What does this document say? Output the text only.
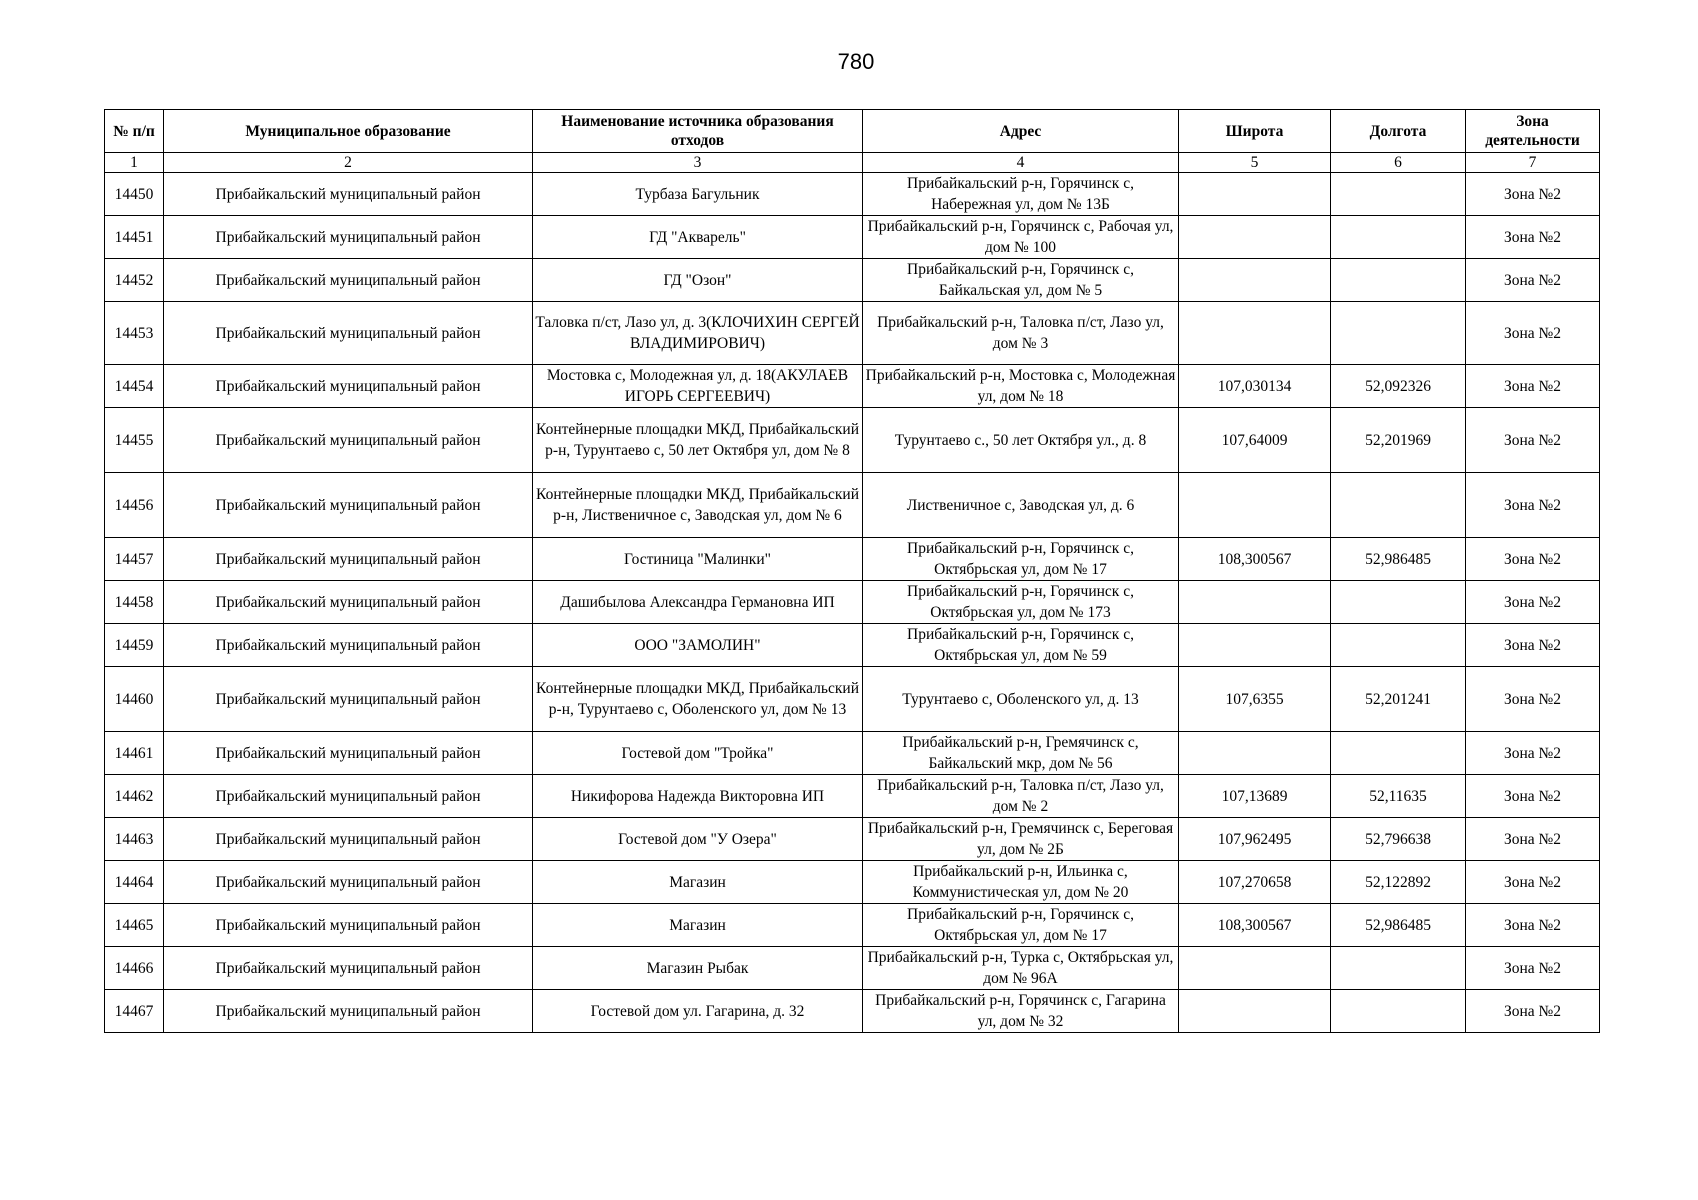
780
№ п/п	Муниципальное образование	Наименование источника образования отходов	Адрес	Широта	Долгота	Зона деятельности
1	2	3	4	5	6	7
14450	Прибайкальский муниципальный район	Турбаза Багульник	Прибайкальский р-н, Горячинск с, Набережная ул, дом № 13Б			Зона №2
14451	Прибайкальский муниципальный район	ГД "Акварель"	Прибайкальский р-н, Горячинск с, Рабочая ул, дом № 100			Зона №2
14452	Прибайкальский муниципальный район	ГД "Озон"	Прибайкальский р-н, Горячинск с, Байкальская ул, дом № 5			Зона №2
14453	Прибайкальский муниципальный район	Таловка п/ст, Лазо ул, д. 3(КЛОЧИХИН СЕРГЕЙ ВЛАДИМИРОВИЧ)	Прибайкальский р-н, Таловка п/ст, Лазо ул, дом № 3			Зона №2
14454	Прибайкальский муниципальный район	Мостовка с, Молодежная ул, д. 18(АКУЛАЕВ ИГОРЬ СЕРГЕЕВИЧ)	Прибайкальский р-н, Мостовка с, Молодежная ул, дом № 18	107,030134	52,092326	Зона №2
14455	Прибайкальский муниципальный район	Контейнерные площадки МКД, Прибайкальский р-н, Турунтаево с, 50 лет Октября ул, дом № 8	Турунтаево с., 50 лет Октября ул., д. 8	107,64009	52,201969	Зона №2
14456	Прибайкальский муниципальный район	Контейнерные площадки МКД, Прибайкальский р-н, Лиственичное с, Заводская ул, дом № 6	Лиственичное с, Заводская ул, д. 6			Зона №2
14457	Прибайкальский муниципальный район	Гостиница "Малинки"	Прибайкальский р-н, Горячинск с, Октябрьская ул, дом № 17	108,300567	52,986485	Зона №2
14458	Прибайкальский муниципальный район	Дашибылова Александра Германовна ИП	Прибайкальский р-н, Горячинск с, Октябрьская ул, дом № 173			Зона №2
14459	Прибайкальский муниципальный район	ООО "ЗАМОЛИН"	Прибайкальский р-н, Горячинск с, Октябрьская ул, дом № 59			Зона №2
14460	Прибайкальский муниципальный район	Контейнерные площадки МКД, Прибайкальский р-н, Турунтаево с, Оболенского ул, дом № 13	Турунтаево с, Оболенского ул, д. 13	107,6355	52,201241	Зона №2
14461	Прибайкальский муниципальный район	Гостевой дом "Тройка"	Прибайкальский р-н, Гремячинск с, Байкальский мкр, дом № 56			Зона №2
14462	Прибайкальский муниципальный район	Никифорова Надежда Викторовна ИП	Прибайкальский р-н, Таловка п/ст, Лазо ул, дом № 2	107,13689	52,11635	Зона №2
14463	Прибайкальский муниципальный район	Гостевой дом "У Озера"	Прибайкальский р-н, Гремячинск с, Береговая ул, дом № 2Б	107,962495	52,796638	Зона №2
14464	Прибайкальский муниципальный район	Магазин	Прибайкальский р-н, Ильинка с, Коммунистическая ул, дом № 20	107,270658	52,122892	Зона №2
14465	Прибайкальский муниципальный район	Магазин	Прибайкальский р-н, Горячинск с, Октябрьская ул, дом № 17	108,300567	52,986485	Зона №2
14466	Прибайкальский муниципальный район	Магазин Рыбак	Прибайкальский р-н, Турка с, Октябрьская ул, дом № 96А			Зона №2
14467	Прибайкальский муниципальный район	Гостевой дом ул. Гагарина, д. 32	Прибайкальский р-н, Горячинск с, Гагарина ул, дом № 32			Зона №2
